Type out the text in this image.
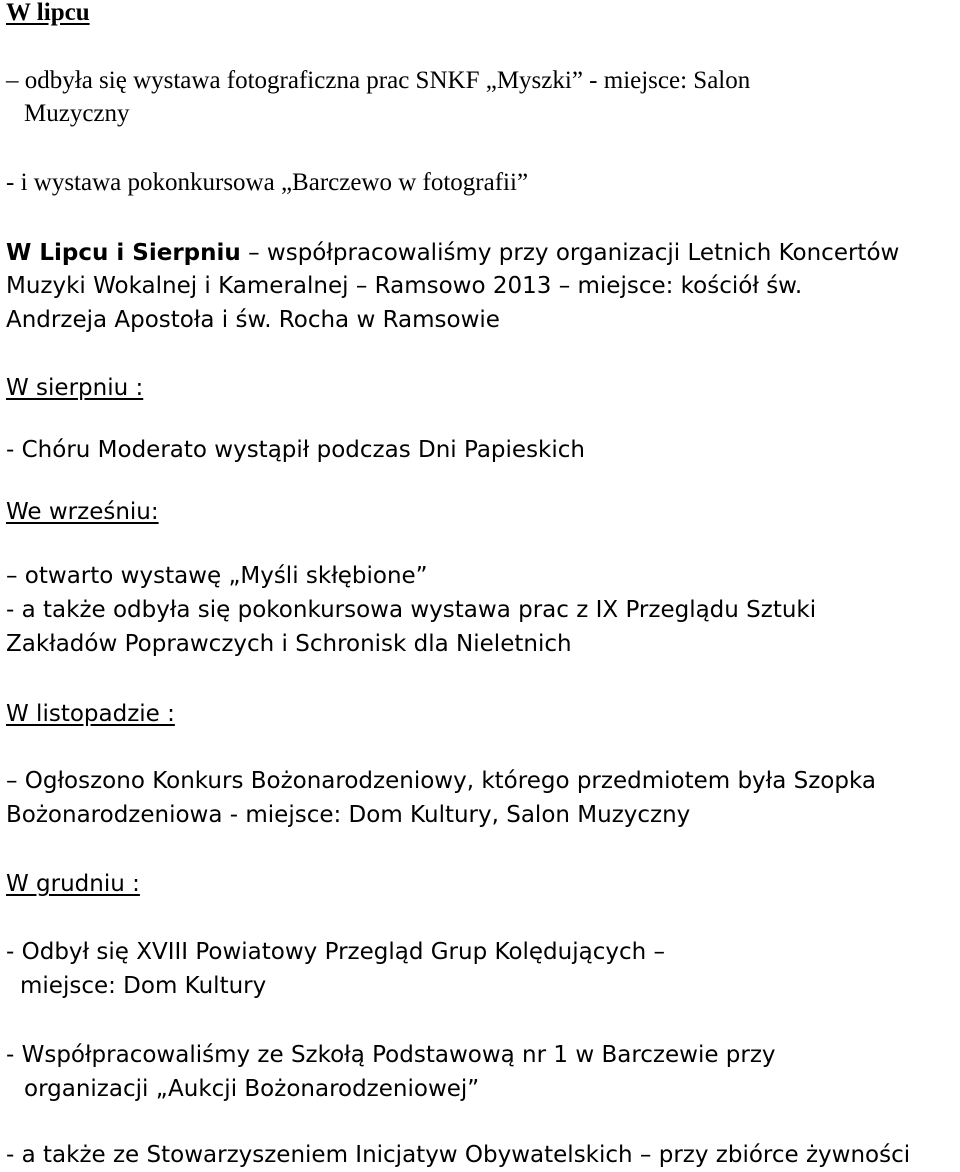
W lipcu
– odbyła się wystawa fotograficzna prac SNKF „Myszki” - miejsce: Salon
Muzyczny
- i wystawa pokonkursowa „Barczewo w fotografii”
W Lipcu i Sierpniu – współpracowaliśmy przy organizacji Letnich Koncertów
Muzyki Wokalnej i Kameralnej – Ramsowo 2013 – miejsce: kościół św.
Andrzeja Apostoła i św. Rocha w Ramsowie
W sierpniu :
- Chóru Moderato wystąpił podczas Dni Papieskich
We wrześniu:
– otwarto wystawę „Myśli skłębione”
- a także odbyła się pokonkursowa wystawa prac z IX Przeglądu Sztuki
Zakładów Poprawczych i Schronisk dla Nieletnich
W listopadzie :
– Ogłoszono Konkurs Bożonarodzeniowy, którego przedmiotem była Szopka
Bożonarodzeniowa - miejsce: Dom Kultury, Salon Muzyczny
W grudniu :
- Odbył się XVIII Powiatowy Przegląd Grup Kolędujących –
miejsce: Dom Kultury
- Współpracowaliśmy ze Szkołą Podstawową nr 1 w Barczewie przy
organizacji „Aukcji Bożonarodzeniowej”
- a także ze Stowarzyszeniem Inicjatyw Obywatelskich – przy zbiórce żywności
